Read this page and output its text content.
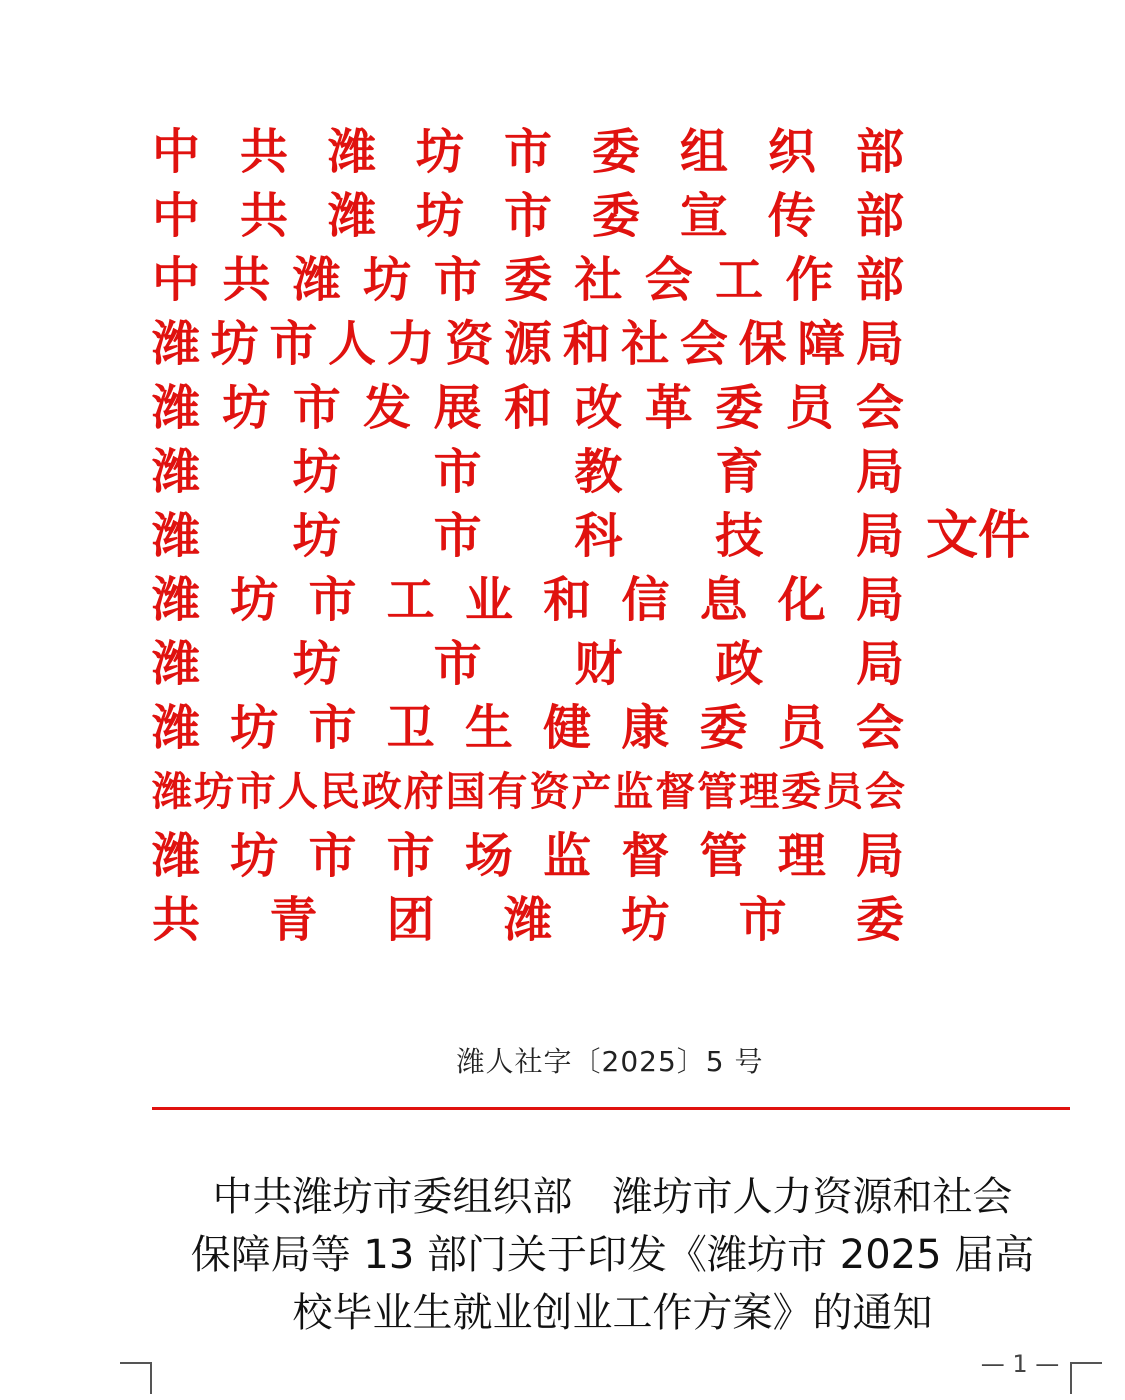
中 共 潍 坊 市 委 组 织 部
中 共 潍 坊 市 委 宣 传 部
中 共 潍 坊 市 委 社 会 工 作 部
潍 坊 市 人 力 资 源 和 社 会 保 障 局
潍 坊 市 发 展 和 改 革 委 员 会
潍 坊 市 教 育 局
潍 坊 市 科 技 局
潍 坊 市 工 业 和 信 息 化 局
潍 坊 市 财 政 局
潍 坊 市 卫 生 健 康 委 员 会
潍 坊 市 人 民 政 府 国 有 资 产 监 督 管 理 委 员 会
潍 坊 市 市 场 监 督 管 理 局
共 青 团 潍 坊 市 委
文件
潍人社字〔2025〕5 号
中共潍坊市委组织部　潍坊市人力资源和社会
保障局等 13 部门关于印发《潍坊市 2025 届高
校毕业生就业创业工作方案》的通知
— 1 —
